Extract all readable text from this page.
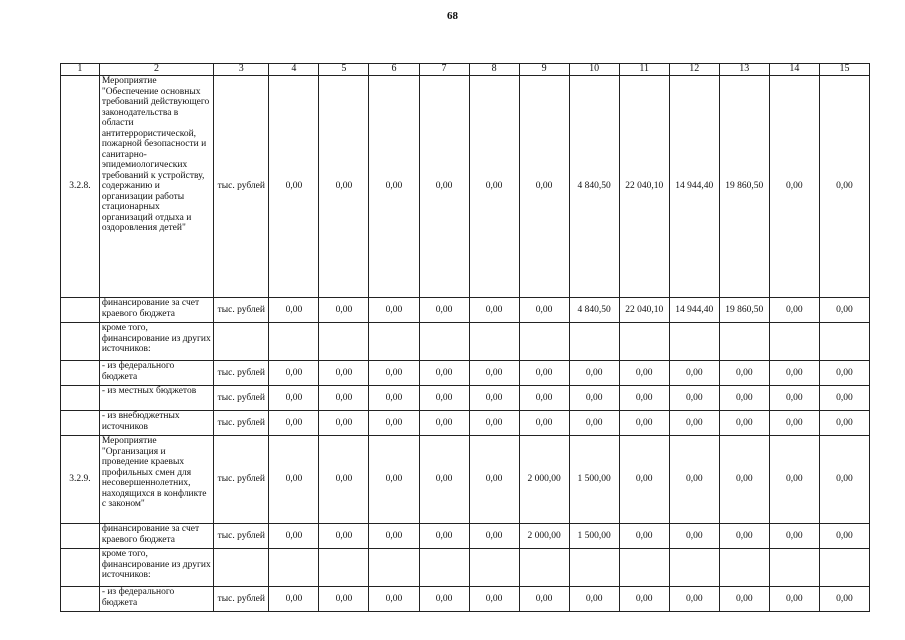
68
1	2	3	4	5	6	7	8	9	10	11	12	13	14	15
3.2.8.	Мероприятие "Обеспечение основных требований действующего законодательства в области антитеррористической, пожарной безопасности и санитарно-эпидемиологических требований к устройству, содержанию и организации работы стационарных организаций отдыха и оздоровления детей"	тыс. рублей	0,00	0,00	0,00	0,00	0,00	0,00	4 840,50	22 040,10	14 944,40	19 860,50	0,00	0,00
	финансирование за счет краевого бюджета	тыс. рублей	0,00	0,00	0,00	0,00	0,00	0,00	4 840,50	22 040,10	14 944,40	19 860,50	0,00	0,00
	кроме того, финансирование из других источников:													
	- из федерального бюджета	тыс. рублей	0,00	0,00	0,00	0,00	0,00	0,00	0,00	0,00	0,00	0,00	0,00	0,00
	- из местных бюджетов	тыс. рублей	0,00	0,00	0,00	0,00	0,00	0,00	0,00	0,00	0,00	0,00	0,00	0,00
	- из внебюджетных источников	тыс. рублей	0,00	0,00	0,00	0,00	0,00	0,00	0,00	0,00	0,00	0,00	0,00	0,00
3.2.9.	Мероприятие "Организация и проведение краевых профильных смен для несовершеннолетних, находящихся в конфликте с законом"	тыс. рублей	0,00	0,00	0,00	0,00	0,00	2 000,00	1 500,00	0,00	0,00	0,00	0,00	0,00
	финансирование за счет краевого бюджета	тыс. рублей	0,00	0,00	0,00	0,00	0,00	2 000,00	1 500,00	0,00	0,00	0,00	0,00	0,00
	кроме того, финансирование из других источников:													
	- из федерального бюджета	тыс. рублей	0,00	0,00	0,00	0,00	0,00	0,00	0,00	0,00	0,00	0,00	0,00	0,00
